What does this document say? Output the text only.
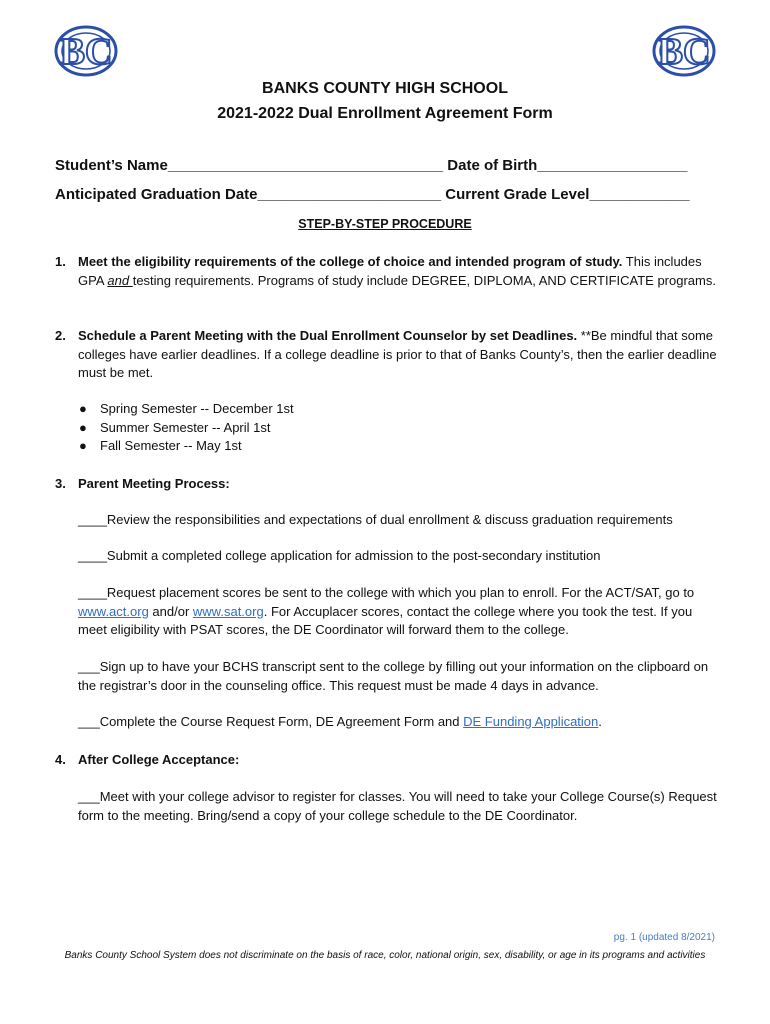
BC	BC
BANKS COUNTY HIGH SCHOOL
2021-2022 Dual Enrollment Agreement Form
Student’s Name_________________________________ Date of Birth__________________
Anticipated Graduation Date______________________ Current Grade Level____________
STEP-BY-STEP PROCEDURE
1. Meet the eligibility requirements of the college of choice and intended program of study. This includes GPA and testing requirements. Programs of study include DEGREE, DIPLOMA, AND CERTIFICATE programs.
2. Schedule a Parent Meeting with the Dual Enrollment Counselor by set Deadlines. **Be mindful that some colleges have earlier deadlines. If a college deadline is prior to that of Banks County’s, then the earlier deadline must be met.
●	Spring Semester -- December 1st
●	Summer Semester -- April 1st
●	Fall Semester -- May 1st
3. Parent Meeting Process:
____Review the responsibilities and expectations of dual enrollment & discuss graduation requirements
____Submit a completed college application for admission to the post-secondary institution
____Request placement scores be sent to the college with which you plan to enroll. For the ACT/SAT, go to www.act.org and/or www.sat.org. For Accuplacer scores, contact the college where you took the test. If you meet eligibility with PSAT scores, the DE Coordinator will forward them to the college.
___Sign up to have your BCHS transcript sent to the college by filling out your information on the clipboard on the registrar’s door in the counseling office. This request must be made 4 days in advance.
___Complete the Course Request Form, DE Agreement Form and DE Funding Application.
4. After College Acceptance:
___Meet with your college advisor to register for classes. You will need to take your College Course(s) Request form to the meeting. Bring/send a copy of your college schedule to the DE Coordinator.
pg. 1 (updated 8/2021)
Banks County School System does not discriminate on the basis of race, color, national origin, sex, disability, or age in its programs and activities
